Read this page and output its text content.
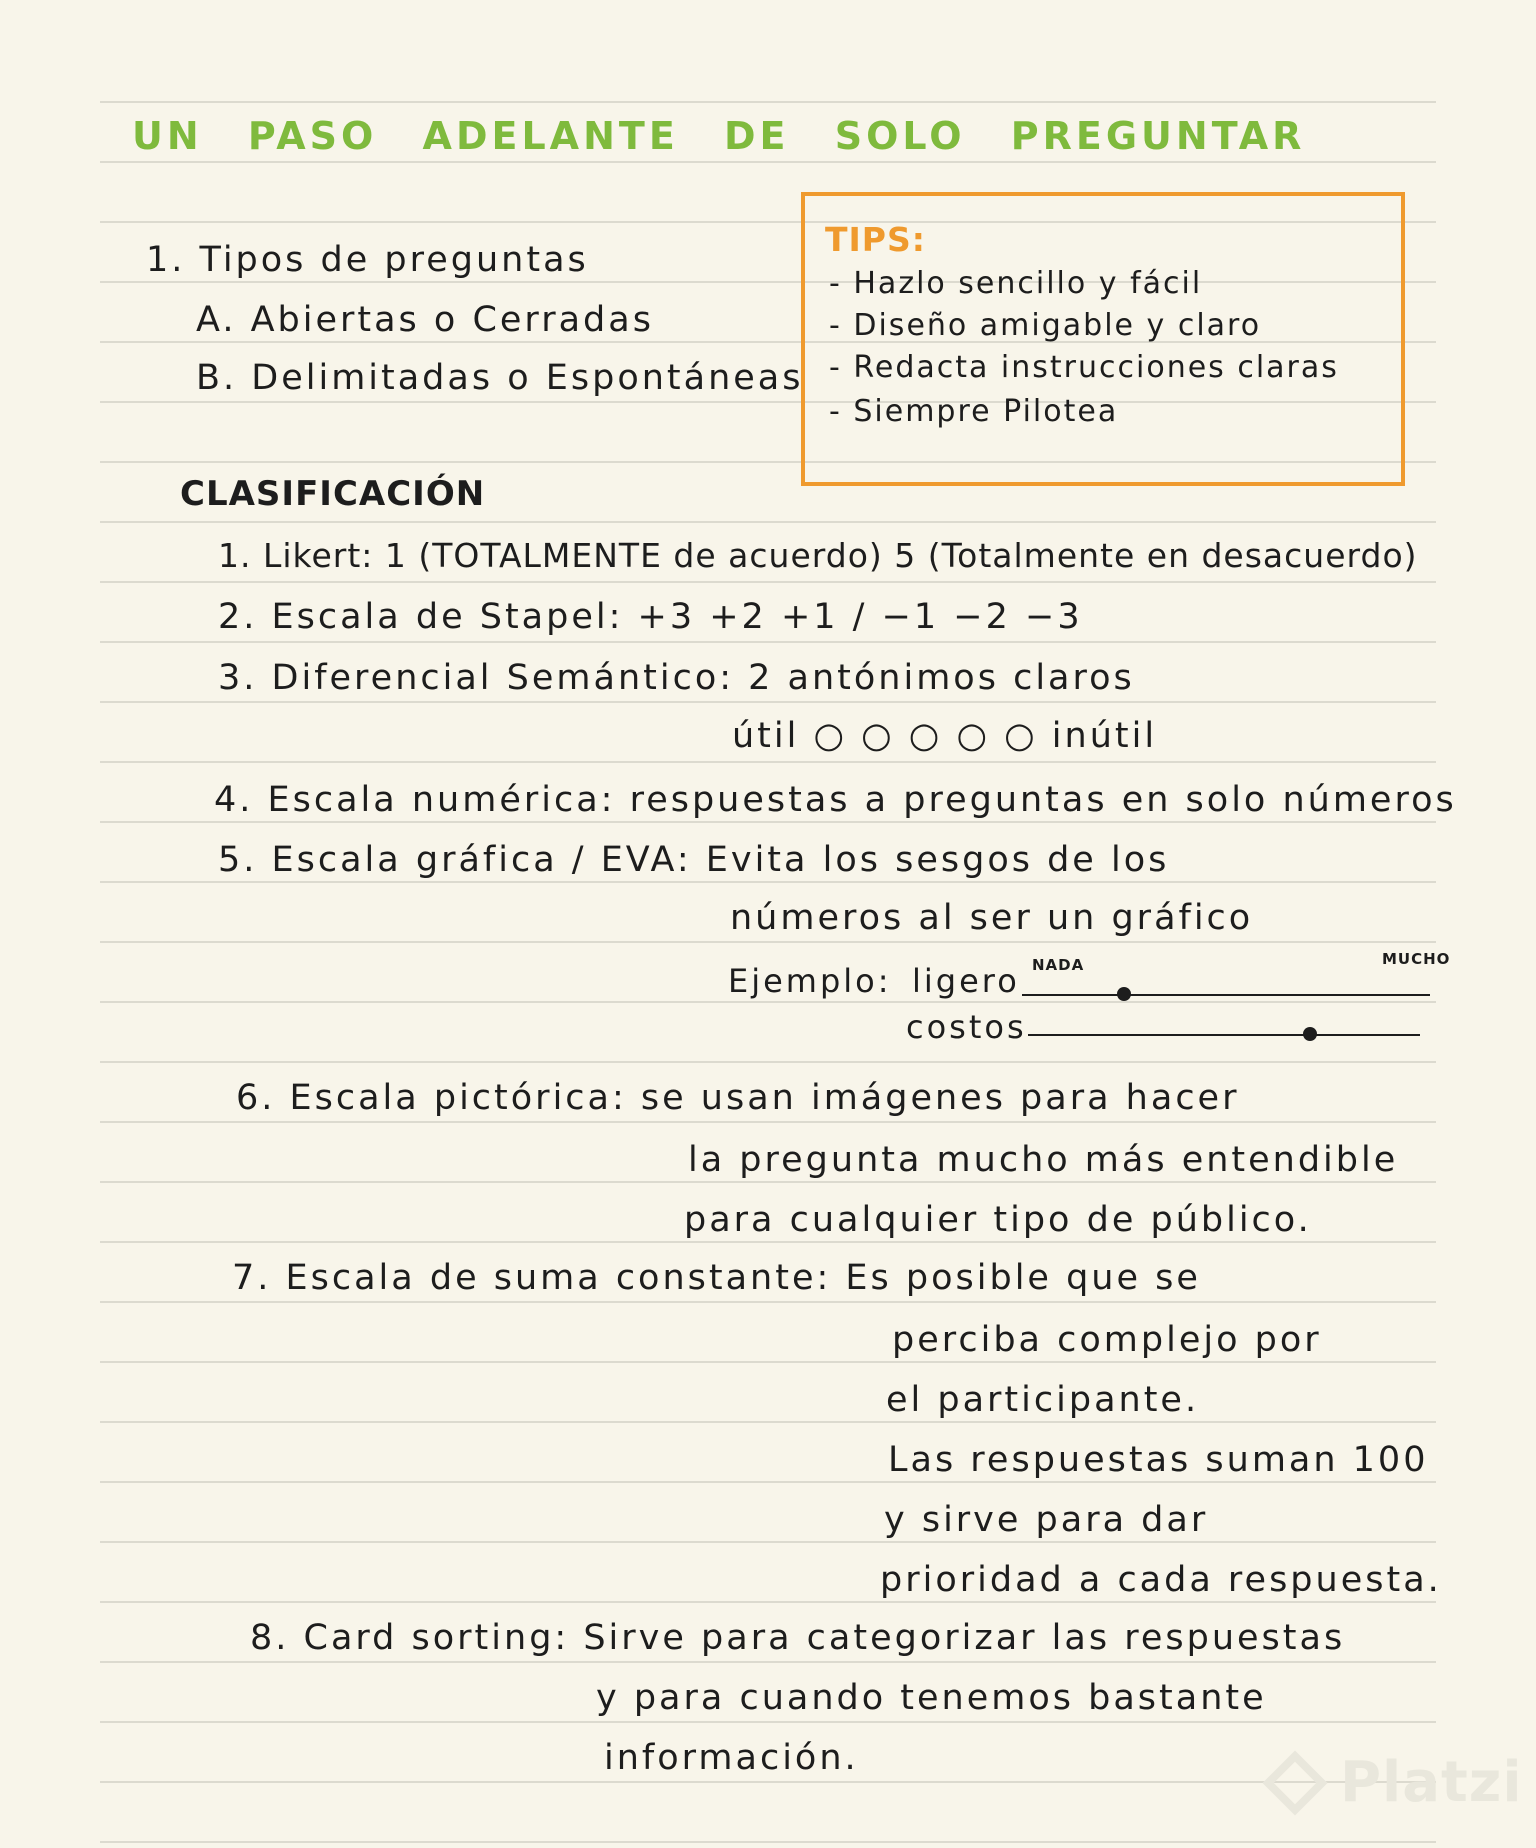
UN PASO ADELANTE DE SOLO PREGUNTAR
1. Tipos de preguntas
A. Abiertas o Cerradas
B. Delimitadas o Espontáneas
TIPS:
- Hazlo sencillo y fácil
- Diseño amigable y claro
- Redacta instrucciones claras
- Siempre Pilotea
CLASIFICACIÓN
1. Likert: 1 (TOTALMENTE de acuerdo) 5 (Totalmente en desacuerdo)
2. Escala de Stapel: +3 +2 +1 / −1 −2 −3
3. Diferencial Semántico: 2 antónimos claros
útil ○ ○ ○ ○ ○ inútil
4. Escala numérica: respuestas a preguntas en solo números
5. Escala gráfica / EVA: Evita los sesgos de los
números al ser un gráfico
Ejemplo:	NADA	MUCHO
ligero
costos
6. Escala pictórica: se usan imágenes para hacer
la pregunta mucho más entendible
para cualquier tipo de público.
7. Escala de suma constante: Es posible que se
perciba complejo por
el participante.
Las respuestas suman 100
y sirve para dar
prioridad a cada respuesta.
8. Card sorting: Sirve para categorizar las respuestas
y para cuando tenemos bastante
información.	Platzi
